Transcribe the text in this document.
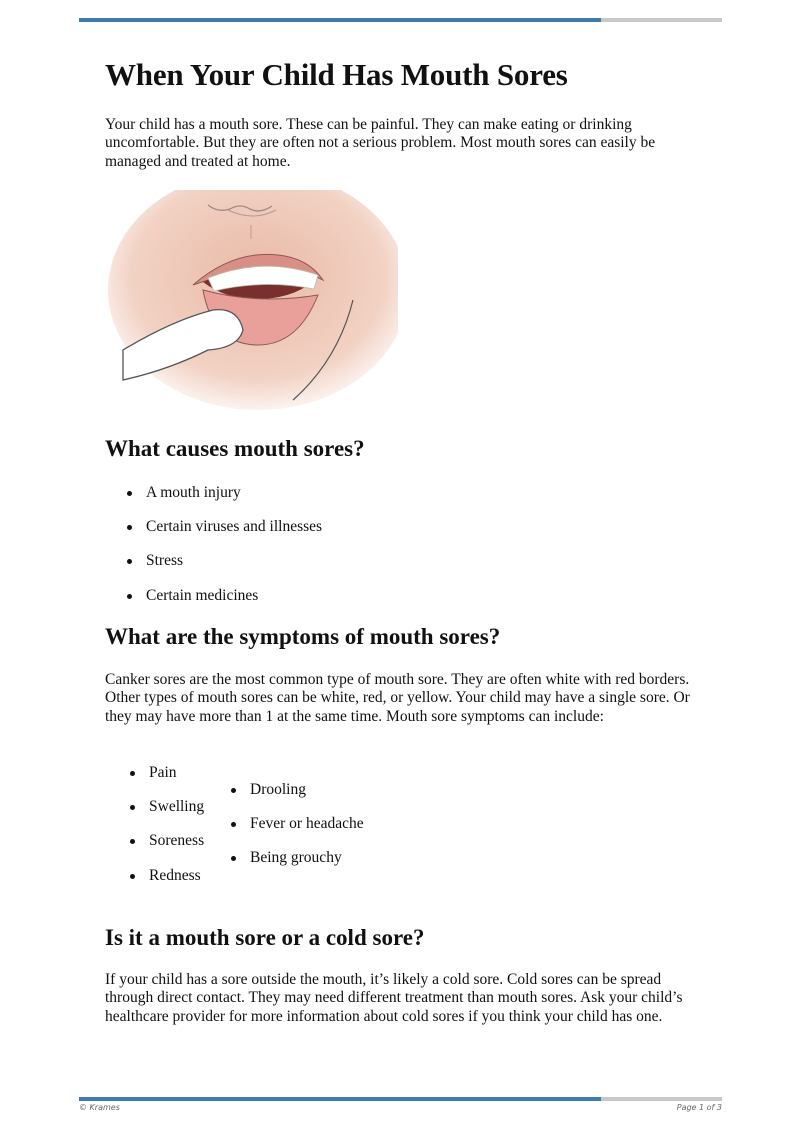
When Your Child Has Mouth Sores

Your child has a mouth sore. These can be painful. They can make eating or drinking uncomfortable. But they are often not a serious problem. Most mouth sores can easily be managed and treated at home.

What causes mouth sores?
A mouth injury
Certain viruses and illnesses
Stress
Certain medicines
What are the symptoms of mouth sores?

Canker sores are the most common type of mouth sore. They are often white with red borders. Other types of mouth sores can be white, red, or yellow. Your child may have a single sore. Or they may have more than 1 at the same time. Mouth sore symptoms can include:

Pain
Swelling
Soreness
Redness
Drooling
Fever or headache
Being grouchy
Is it a mouth sore or a cold sore?

If your child has a sore outside the mouth, it’s likely a cold sore. Cold sores can be spread through direct contact. They may need different treatment than mouth sores. Ask your child’s healthcare provider for more information about cold sores if you think your child has one.

© Krames	Page 1 of 3
